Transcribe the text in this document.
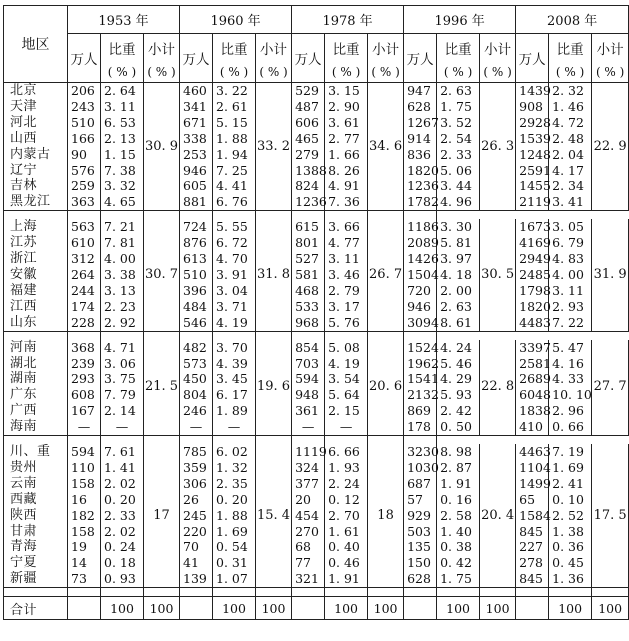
地区	1953 年			1960 年			1978 年			1996 年			2008 年		
	万人	比重	小计	万人	比重	小计	万人	比重	小计	万人	比重	小计	万人	比重	小计
		( % )	( % )		( % )	( % )		( % )	( % )		( % )	( % )		( % )	( % )
北京	206	2. 64	30. 9	460	3. 22	33. 2	529	3. 15	34. 6	947	2. 63	26. 3	1439	2. 32	22. 9
天津	243	3. 11		341	2. 61		487	2. 90		628	1. 75		908	1. 46	
河北	510	6. 53		671	5. 15		606	3. 61		1267	3. 52		2928	4. 72	
山西	166	2. 13		338	1. 88		465	2. 77		914	2. 54		1539	2. 48	
内蒙古	90	1. 15		253	1. 94		279	1. 66		836	2. 33		1248	2. 04	
辽宁	576	7. 38		946	7. 25		1388	8. 26		1820	5. 06		2591	4. 17	
吉林	259	3. 32		605	4. 41		824	4. 91		1236	3. 44		1455	2. 34	
黑龙江	363	4. 65		881	6. 76		1236	7. 36		1782	4. 96		2119	3. 41	

上海	563	7. 21	30. 7	724	5. 55	31. 8	615	3. 66	26. 7	1186	3. 30	30. 5	1673	3. 05	31. 9
江苏	610	7. 81		876	6. 72		801	4. 77		2089	5. 81		4169	6. 79	
浙江	312	4. 00		613	4. 70		527	3. 11		1426	3. 97		2949	4. 83	
安徽	264	3. 38		510	3. 91		581	3. 46		1504	4. 18		2485	4. 00	
福建	244	3. 13		396	3. 04		468	2. 79		720	2. 00		1798	3. 11	
江西	174	2. 23		484	3. 71		533	3. 17		946	2. 63		1820	2. 93	
山东	228	2. 92		546	4. 19		968	5. 76		3094	8. 61		4483	7. 22	

河南	368	4. 71	21. 5	482	3. 70	19. 6	854	5. 08	20. 6	1524	4. 24	22. 8	3397	5. 47	27. 7
湖北	239	3. 06		573	4. 39		703	4. 19		1962	5. 46		2581	4. 16	
湖南	293	3. 75		450	3. 45		594	3. 54		1541	4. 29		2689	4. 33	
广东	608	7. 79		804	6. 17		948	5. 64		2132	5. 93		6048	10. 10	
广西	167	2. 14		246	1. 89		361	2. 15		869	2. 42		1838	2. 96	
海南	—	—		—	—		—	—		178	0. 50		410	0. 66	

川、重	594	7. 61	17	785	6. 02	15. 4	1119	6. 66	18	3230	8. 98	20. 4	4463	7. 19	17. 5
贵州	110	1. 41		359	1. 32		324	1. 93		1030	2. 87		1104	1. 69	
云南	158	2. 02		306	2. 35		377	2. 24		687	1. 91		1499	2. 41	
西藏	16	0. 20		26	0. 20		20	0. 12		57	0. 16		65	0. 10	
陕西	182	2. 33		245	1. 88		454	2. 70		929	2. 58		1584	2. 52	
甘肃	158	2. 02		220	1. 69		270	1. 61		503	1. 40		845	1. 38	
青海	19	0. 24		70	0. 54		68	0. 40		135	0. 38		227	0. 36	
宁夏	14	0. 18		41	0. 31		77	0. 46		150	0. 42		278	0. 45	
新疆	73	0. 93		139	1. 07		321	1. 91		628	1. 75		845	1. 36	

合计		100	100		100	100		100	100		100	100		100	100
